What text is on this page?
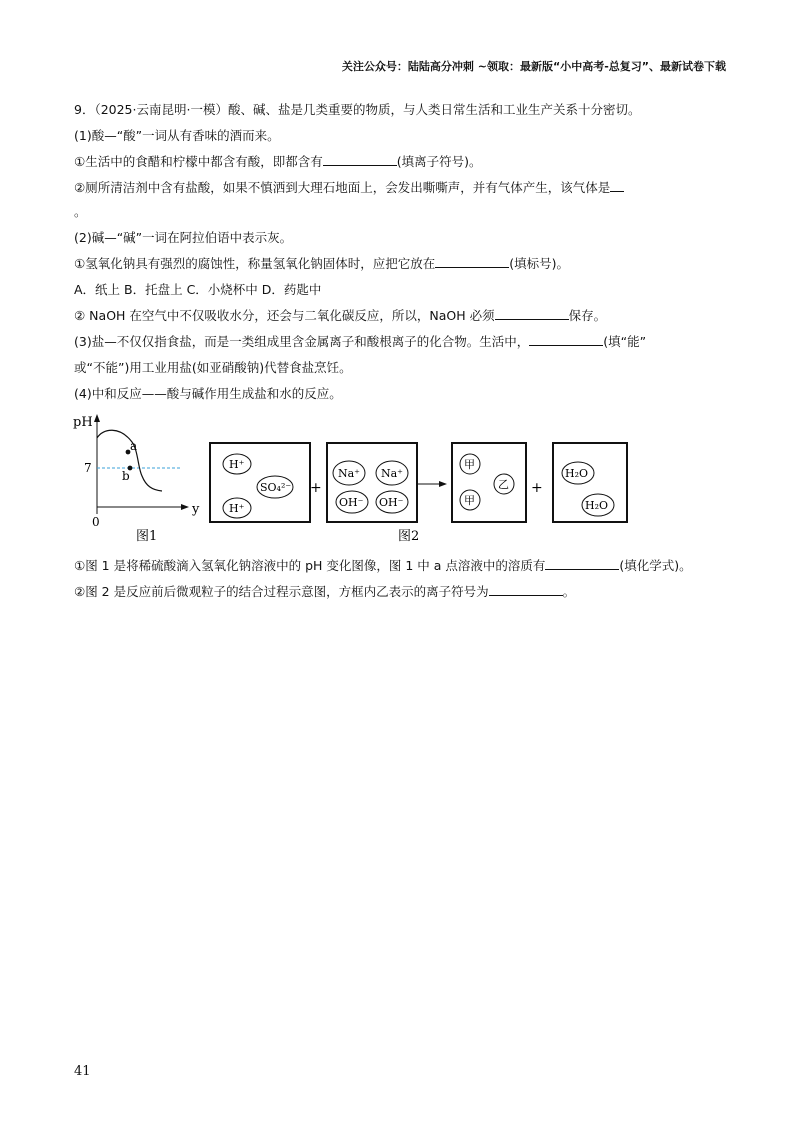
关注公众号：陆陆高分冲刺 ~领取：最新版“小中高考-总复习”、最新试卷下载
9．（2025·云南昆明·一模）酸、碱、盐是几类重要的物质，与人类日常生活和工业生产关系十分密切。
(1)酸—“酸”一词从有香味的酒而来。
①生活中的食醋和柠檬中都含有酸，即都含有	(填离子符号)。
②厕所清洁剂中含有盐酸，如果不慎洒到大理石地面上，会发出嘶嘶声，并有气体产生，该气体是
。
(2)碱—“碱”一词在阿拉伯语中表示灰。
①氢氧化钠具有强烈的腐蚀性，称量氢氧化钠固体时，应把它放在	(填标号)。
A．纸上 B．托盘上 C．小烧杯中 D．药匙中
② NaOH 在空气中不仅吸收水分，还会与二氧化碳反应，所以，NaOH 必须	保存。
(3)盐—不仅仅指食盐，而是一类组成里含金属离子和酸根离子的化合物。生活中，	(填“能”
或“不能”)用工业用盐(如亚硝酸钠)代替食盐烹饪。
(4)中和反应——酸与碱作用生成盐和水的反应。
pH
y
0
7
a
b
图1
H⁺
SO₄²⁻
H⁺
+
Na⁺ Na⁺
OH⁻ OH⁻
甲
乙
甲
+
H₂O
H₂O
图2
①图 1 是将稀硫酸滴入氢氧化钠溶液中的 pH 变化图像，图 1 中 a 点溶液中的溶质有	(填化学式)。
②图 2 是反应前后微观粒子的结合过程示意图，方框内乙表示的离子符号为	。
41
